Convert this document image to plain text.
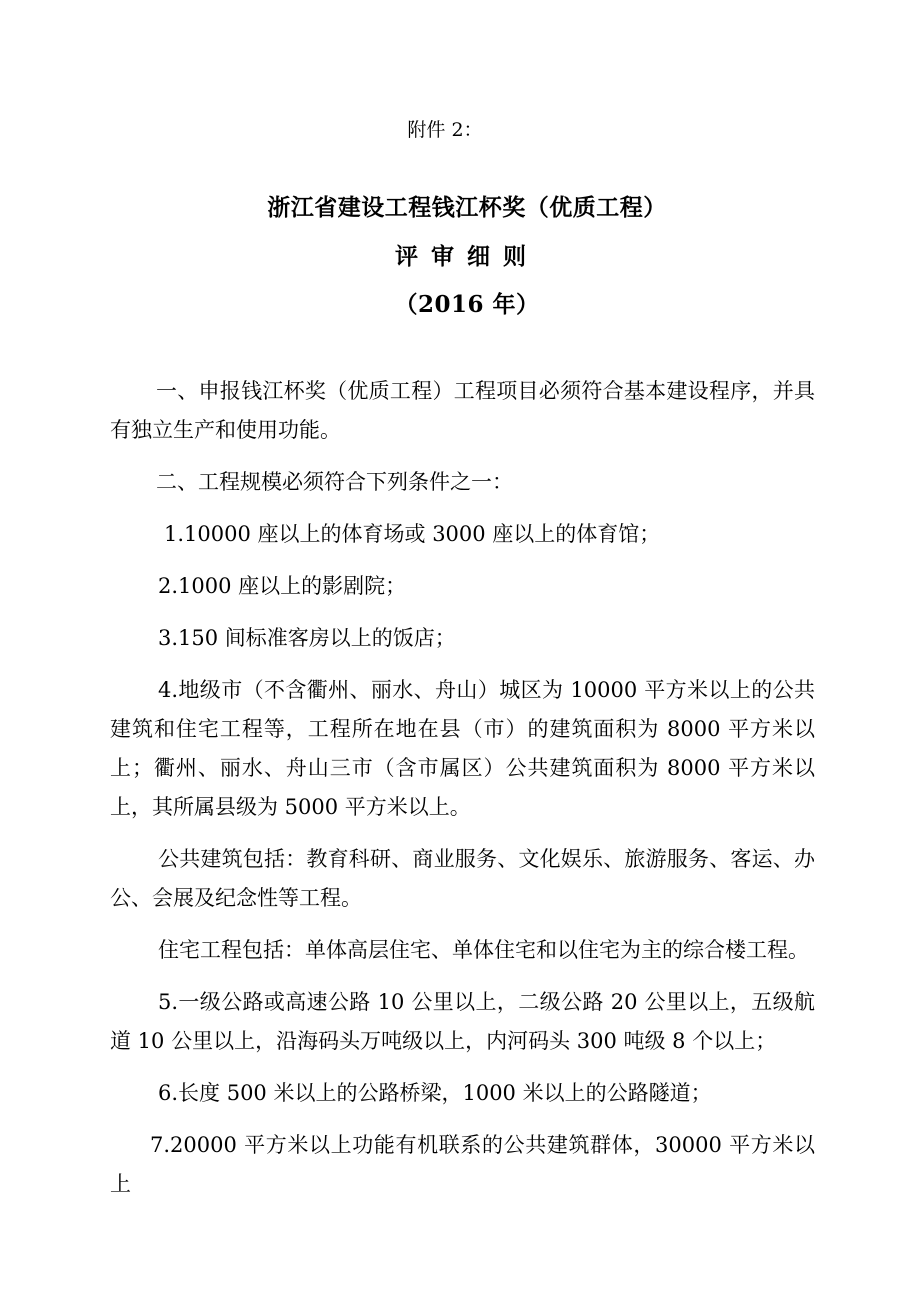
附件 2：
浙江省建设工程钱江杯奖（优质工程）
评审细则
（2016 年）

一、申报钱江杯奖（优质工程）工程项目必须符合基本建设程序，并具有独立生产和使用功能。

二、工程规模必须符合下列条件之一：

1.10000 座以上的体育场或 3000 座以上的体育馆；

2.1000 座以上的影剧院；

3.150 间标准客房以上的饭店；

4.地级市（不含衢州、丽水、舟山）城区为 10000 平方米以上的公共建筑和住宅工程等，工程所在地在县（市）的建筑面积为 8000 平方米以上；衢州、丽水、舟山三市（含市属区）公共建筑面积为 8000 平方米以上，其所属县级为 5000 平方米以上。

公共建筑包括：教育科研、商业服务、文化娱乐、旅游服务、客运、办公、会展及纪念性等工程。

住宅工程包括：单体高层住宅、单体住宅和以住宅为主的综合楼工程。

5.一级公路或高速公路 10 公里以上，二级公路 20 公里以上，五级航道 10 公里以上，沿海码头万吨级以上，内河码头 300 吨级 8 个以上；

6.长度 500 米以上的公路桥梁，1000 米以上的公路隧道；

7.20000 平方米以上功能有机联系的公共建筑群体，30000 平方米以上
